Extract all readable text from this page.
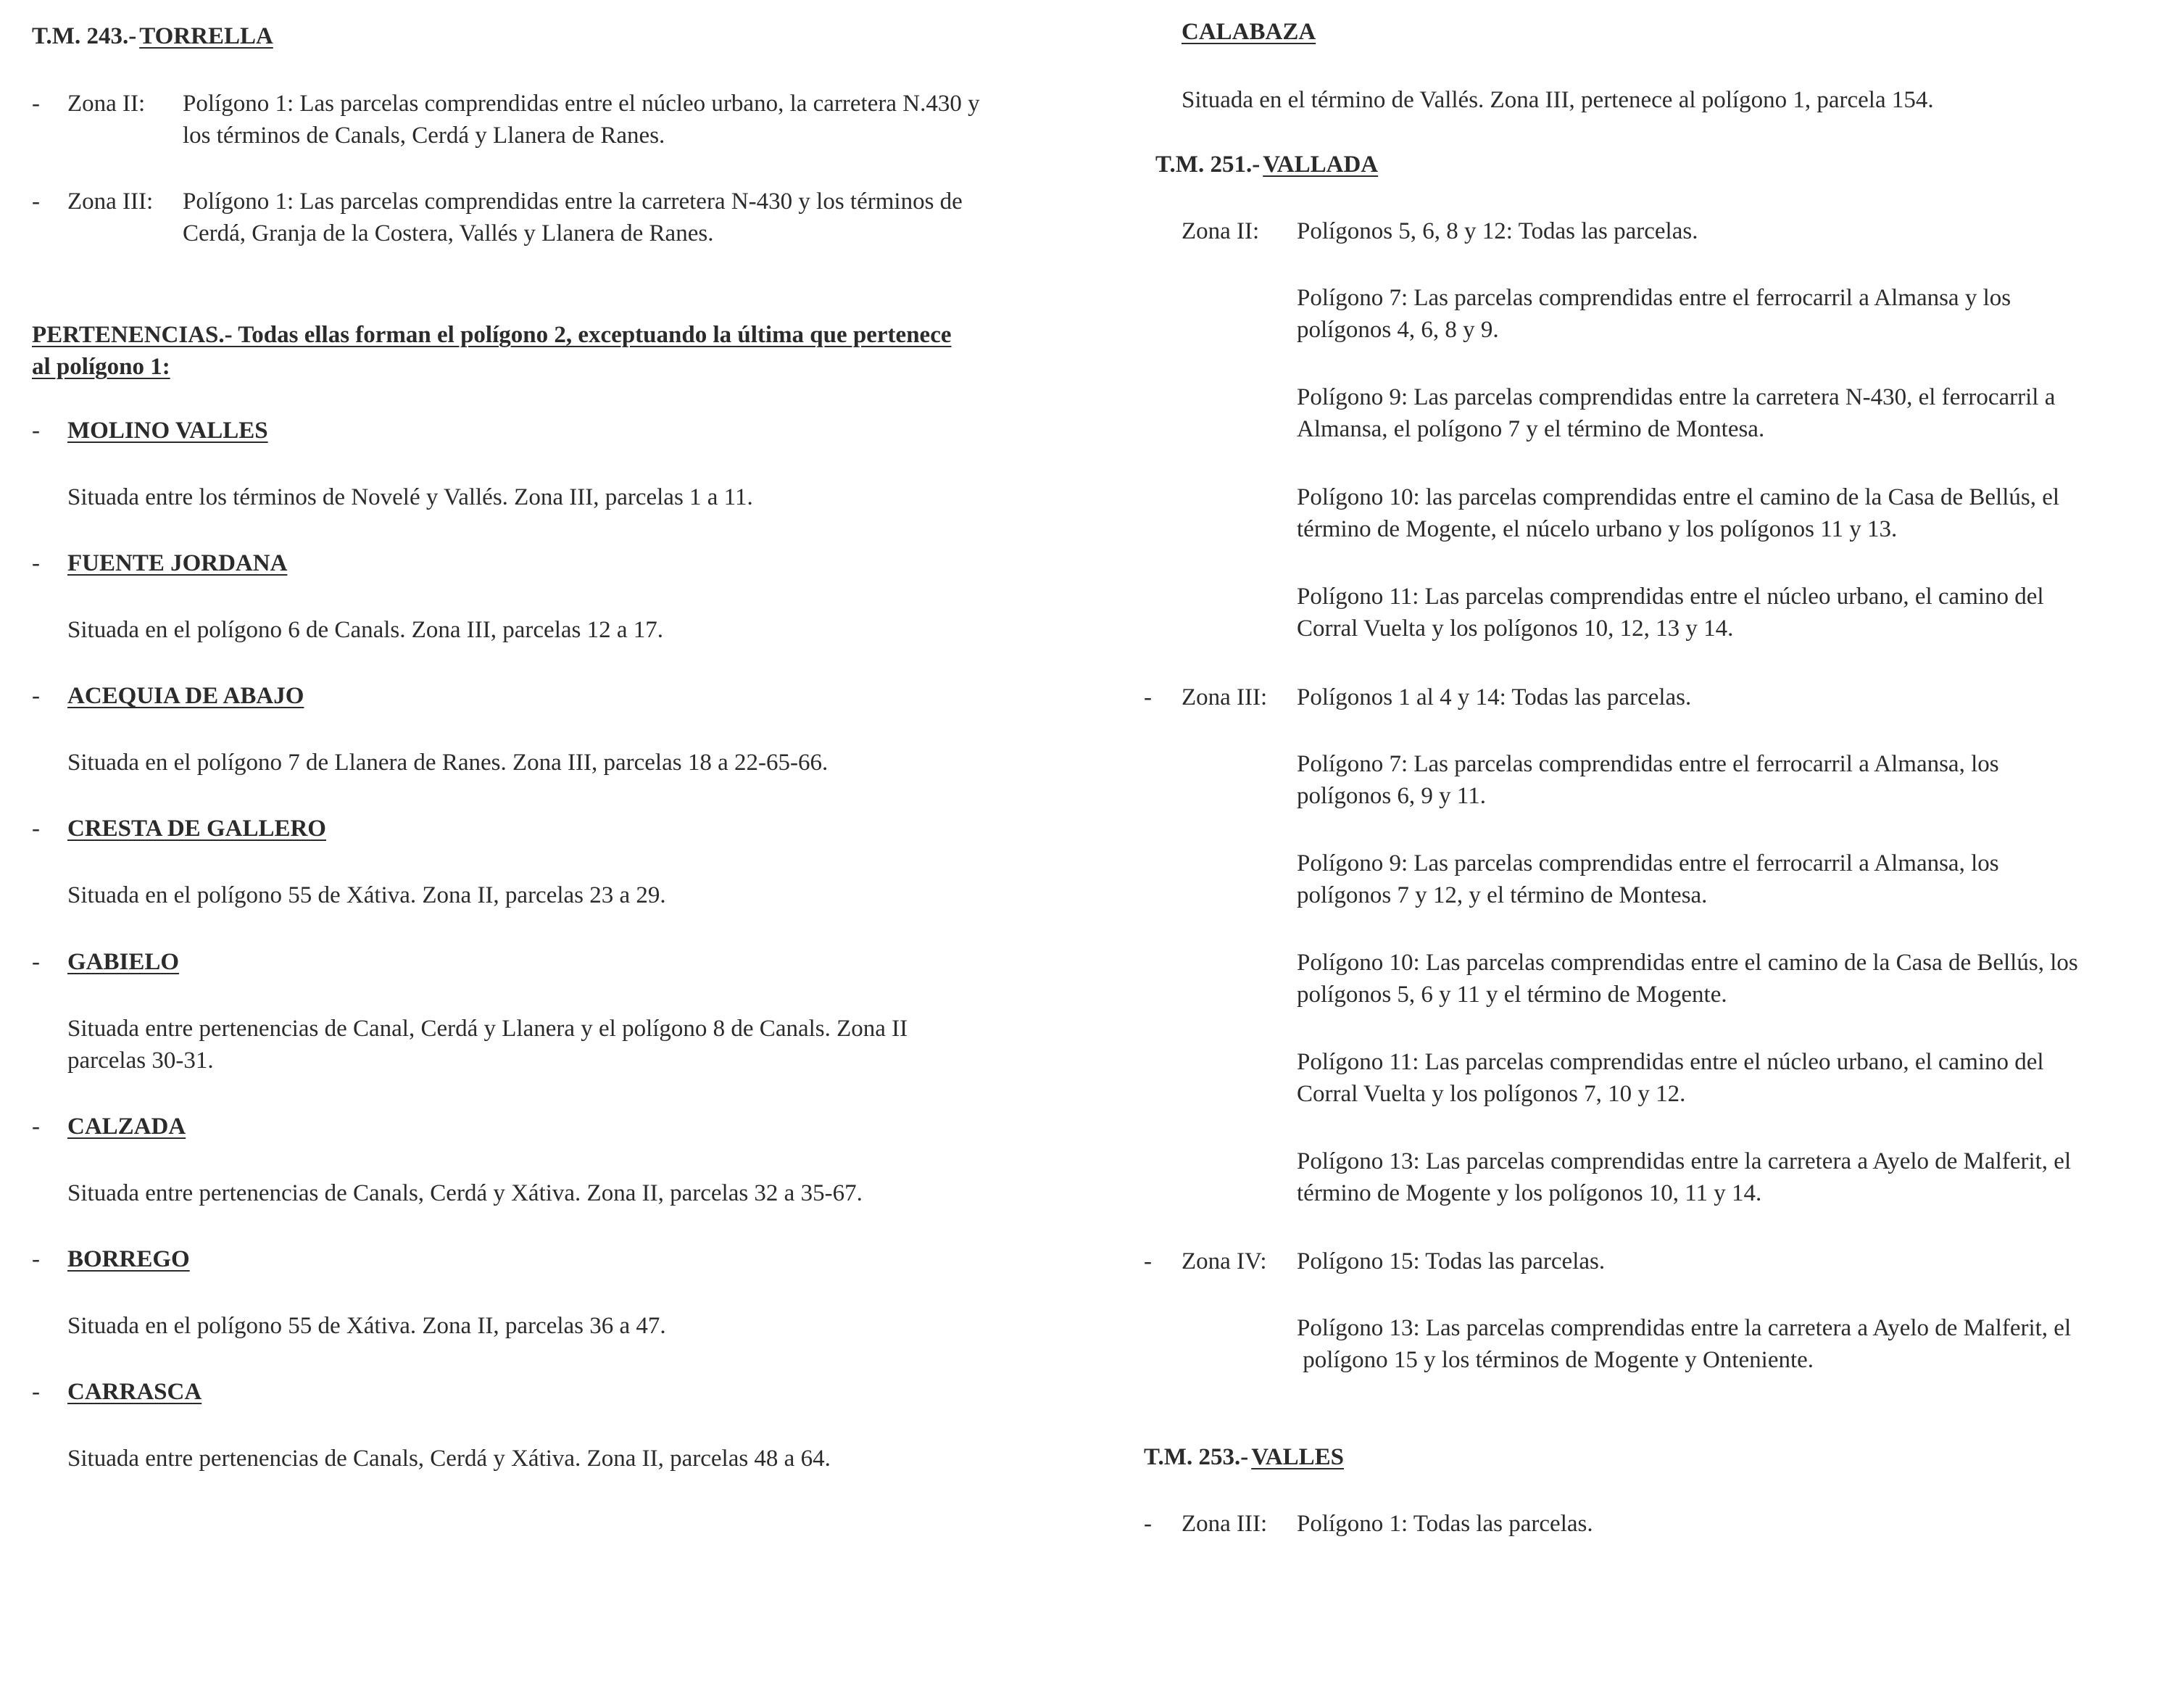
T.M. 243.- TORRELLA
- Zona II: Polígono 1: Las parcelas comprendidas entre el núcleo urbano, la carretera N.430 y
los términos de Canals, Cerdá y Llanera de Ranes.
- Zona III: Polígono 1: Las parcelas comprendidas entre la carretera N-430 y los términos de
Cerdá, Granja de la Costera, Vallés y Llanera de Ranes.
PERTENENCIAS.- Todas ellas forman el polígono 2, exceptuando la última que pertenece
al polígono 1:
- MOLINO VALLES
Situada entre los términos de Novelé y Vallés. Zona III, parcelas 1 a 11.
- FUENTE JORDANA
Situada en el polígono 6 de Canals. Zona III, parcelas 12 a 17.
- ACEQUIA DE ABAJO
Situada en el polígono 7 de Llanera de Ranes. Zona III, parcelas 18 a 22-65-66.
- CRESTA DE GALLERO
Situada en el polígono 55 de Xátiva. Zona II, parcelas 23 a 29.
- GABIELO
Situada entre pertenencias de Canal, Cerdá y Llanera y el polígono 8 de Canals. Zona II
parcelas 30-31.
- CALZADA
Situada entre pertenencias de Canals, Cerdá y Xátiva. Zona II, parcelas 32 a 35-67.
- BORREGO
Situada en el polígono 55 de Xátiva. Zona II, parcelas 36 a 47.
- CARRASCA
Situada entre pertenencias de Canals, Cerdá y Xátiva. Zona II, parcelas 48 a 64.
CALABAZA
Situada en el término de Vallés. Zona III, pertenece al polígono 1, parcela 154.
T.M. 251.- VALLADA
Zona II: Polígonos 5, 6, 8 y 12: Todas las parcelas.
Polígono 7: Las parcelas comprendidas entre el ferrocarril a Almansa y los
polígonos 4, 6, 8 y 9.
Polígono 9: Las parcelas comprendidas entre la carretera N-430, el ferrocarril a
Almansa, el polígono 7 y el término de Montesa.
Polígono 10: las parcelas comprendidas entre el camino de la Casa de Bellús, el
término de Mogente, el núcelo urbano y los polígonos 11 y 13.
Polígono 11: Las parcelas comprendidas entre el núcleo urbano, el camino del
Corral Vuelta y los polígonos 10, 12, 13 y 14.
- Zona III: Polígonos 1 al 4 y 14: Todas las parcelas.
Polígono 7: Las parcelas comprendidas entre el ferrocarril a Almansa, los
polígonos 6, 9 y 11.
Polígono 9: Las parcelas comprendidas entre el ferrocarril a Almansa, los
polígonos 7 y 12, y el término de Montesa.
Polígono 10: Las parcelas comprendidas entre el camino de la Casa de Bellús, los
polígonos 5, 6 y 11 y el término de Mogente.
Polígono 11: Las parcelas comprendidas entre el núcleo urbano, el camino del
Corral Vuelta y los polígonos 7, 10 y 12.
Polígono 13: Las parcelas comprendidas entre la carretera a Ayelo de Malferit, el
término de Mogente y los polígonos 10, 11 y 14.
- Zona IV: Polígono 15: Todas las parcelas.
Polígono 13: Las parcelas comprendidas entre la carretera a Ayelo de Malferit, el
polígono 15 y los términos de Mogente y Onteniente.
T.M. 253.- VALLES
- Zona III: Polígono 1: Todas las parcelas.
